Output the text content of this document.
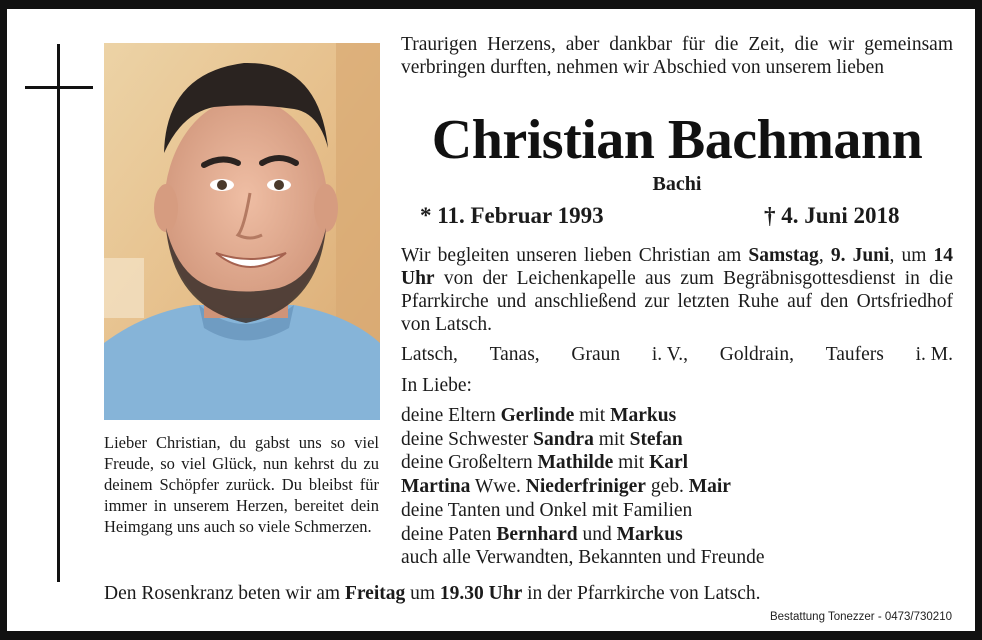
Lieber Christian, du gabst uns so viel Freude, so viel Glück, nun kehrst du zu deinem Schöpfer zurück. Du bleibst für immer in unserem Herzen, bereitet dein Heimgang uns auch so viele Schmerzen.

Traurigen Herzens, aber dankbar für die Zeit, die wir gemeinsam verbringen durften, nehmen wir Abschied von unserem lieben

Christian Bachmann
Bachi
* 11. Februar 1993	† 4. Juni 2018

Wir begleiten unseren lieben Christian am Samstag, 9. Juni, um 14 Uhr von der Leichenkapelle aus zum Begräbnisgottesdienst in die Pfarrkirche und anschließend zur letzten Ruhe auf den Ortsfriedhof von Latsch.

Latsch, Tanas, Graun i. V., Goldrain, Taufers i. M.
In Liebe:
deine Eltern Gerlinde mit Markus
deine Schwester Sandra mit Stefan
deine Großeltern Mathilde mit Karl
Martina Wwe. Niederfriniger geb. Mair
deine Tanten und Onkel mit Familien
deine Paten Bernhard und Markus
auch alle Verwandten, Bekannten und Freunde
Den Rosenkranz beten wir am Freitag um 19.30 Uhr in der Pfarrkirche von Latsch.
Bestattung Tonezzer - 0473/730210
